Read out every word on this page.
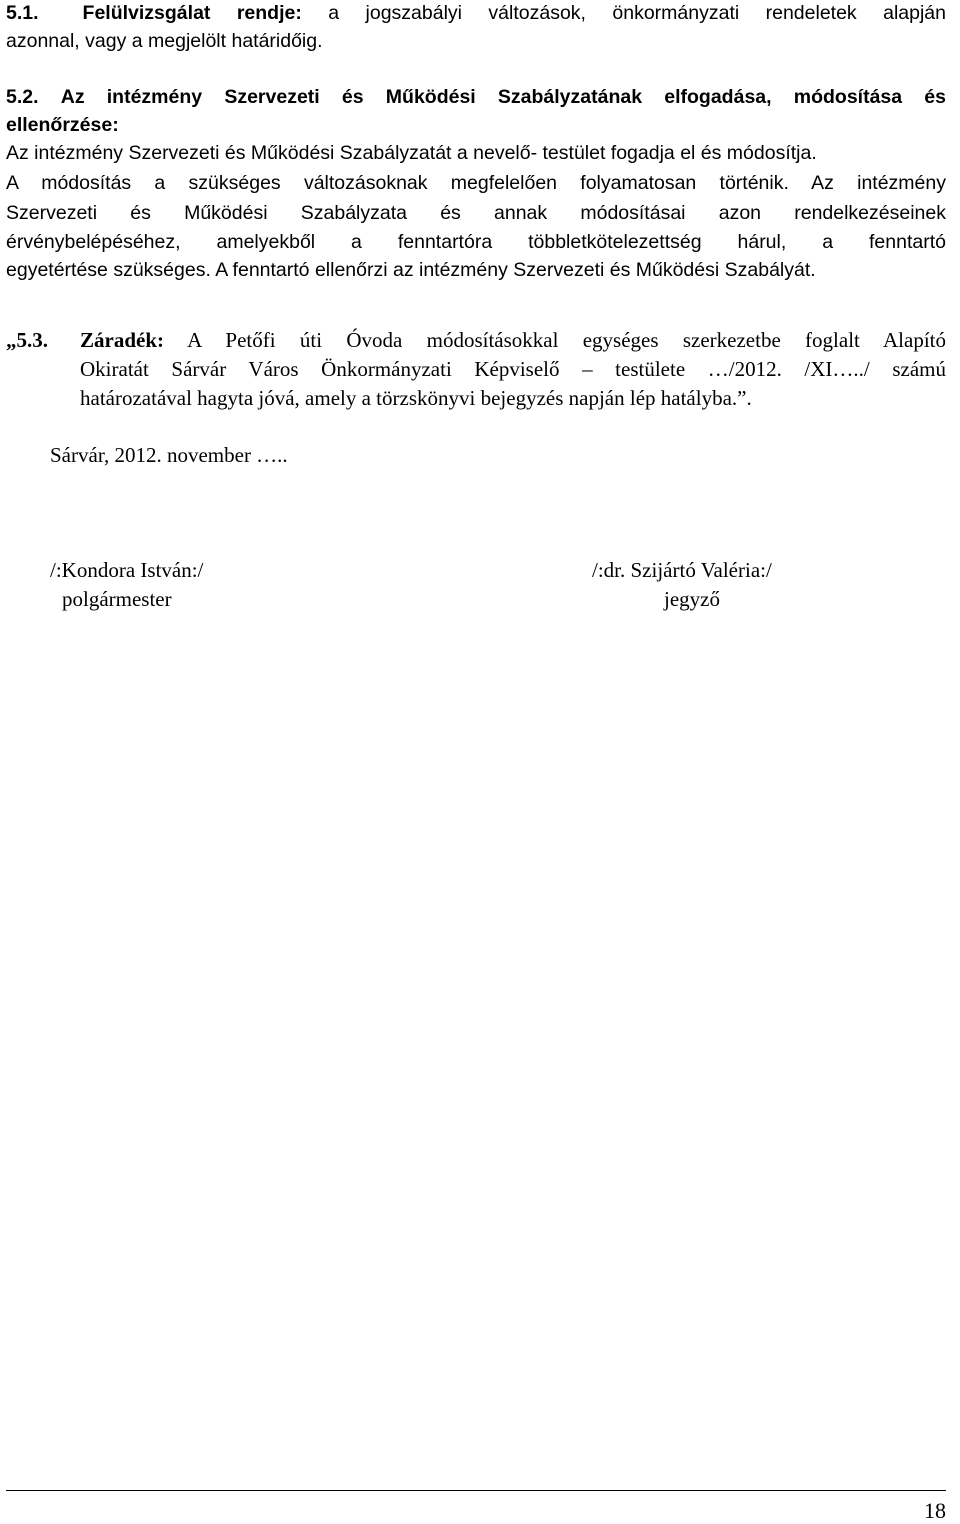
5.1. Felülvizsgálat rendje: a jogszabályi változások, önkormányzati rendeletek alapján
azonnal, vagy a megjelölt határidőig.
5.2. Az intézmény Szervezeti és Működési Szabályzatának elfogadása, módosítása és
ellenőrzése:
Az intézmény Szervezeti és Működési Szabályzatát a nevelő- testület fogadja el és módosítja.
A módosítás a szükséges változásoknak megfelelően folyamatosan történik. Az intézmény
Szervezeti és Működési Szabályzata és annak módosításai azon rendelkezéseinek
érvénybelépéséhez, amelyekből a fenntartóra többletkötelezettség hárul, a fenntartó
egyetértése szükséges. A fenntartó ellenőrzi az intézmény Szervezeti és Működési Szabályát.
„5.3. Záradék: A Petőfi úti Óvoda módosításokkal egységes szerkezetbe foglalt Alapító
Okiratát Sárvár Város Önkormányzati Képviselő – testülete …/2012. /XI…../ számú
határozatával hagyta jóvá, amely a törzskönyvi bejegyzés napján lép hatályba.”.
Sárvár, 2012. november …..
/:Kondora István:/
polgármester
/:dr. Szijártó Valéria:/
jegyző
18
